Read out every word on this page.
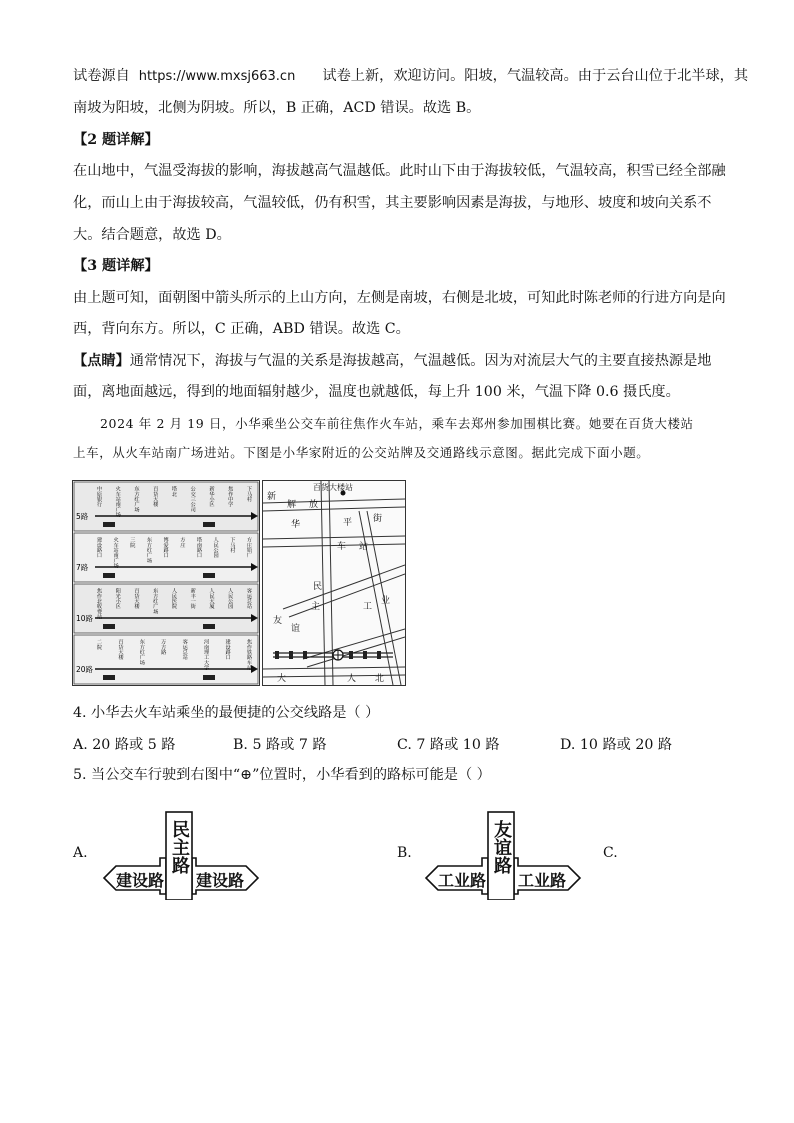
试卷源自 https://www.mxsj663.cn 试卷上新，欢迎访问。阳坡，气温较高。由于云台山位于北半球，其
南坡为阳坡，北侧为阴坡。所以，B 正确，ACD 错误。故选 B。
【2 题详解】
在山地中，气温受海拔的影响，海拔越高气温越低。此时山下由于海拔较低，气温较高，积雪已经全部融
化，而山上由于海拔较高，气温较低，仍有积雪，其主要影响因素是海拔，与地形、坡度和坡向关系不
大。结合题意，故选 D。
【3 题详解】
由上题可知，面朝图中箭头所示的上山方向，左侧是南坡，右侧是北坡，可知此时陈老师的行进方向是向
西，背向东方。所以，C 正确，ABD 错误。故选 C。
【点睛】通常情况下，海拔与气温的关系是海拔越高，气温越低。因为对流层大气的主要直接热源是地
面，离地面越远，得到的地面辐射越少，温度也就越低，每上升 100 米，气温下降 0.6 摄氏度。
2024 年 2 月 19 日，小华乘坐公交车前往焦作火车站，乘车去郑州参加围棋比赛。她要在百货大楼站
上车，从火车站南广场进站。下图是小华家附近的公交站牌及交通路线示意图。据此完成下面小题。
5路
中原银行 火车站南广场 东方红广场 百货大楼 塔北 公交三公司 新华小区 焦作中学 下马村
7路
建设路口 火车站南广场 三院 东方红广场 博爱路口 方庄 塔南路口 人民公园 下马村 方庄铅厂
10路 焦作北收费站 阳光小区 百货大楼 东方红广场 人民医院 新丰一街 人民大厦 人民公园 客运总站
20路
二院	百货大楼	东方红广场	万方路	客运总站	河南理工大学	建设路口	焦作铁路车站
百货大楼站
新
华
解 放
平 街
车 站
民
主	工
业
友
谊
人
大	北
4. 小华去火车站乘坐的最便捷的公交线路是（ ）
A. 20 路或 5 路	B. 5 路或 7 路	C. 7 路或 10 路	D. 10 路或 20 路
5. 当公交车行驶到右图中“⊕”位置时，小华看到的路标可能是（ ）
A.	B.	C.
民主路
建设路 建设路
友谊路
工业路 工业路
